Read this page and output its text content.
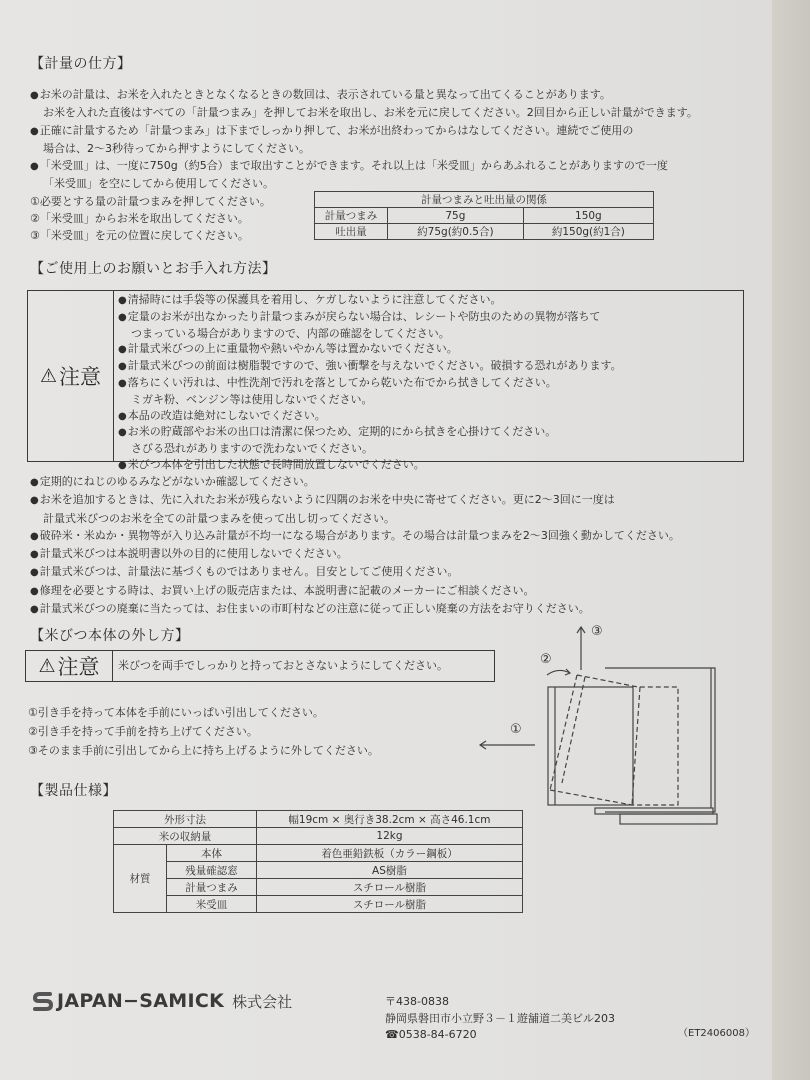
【計量の仕方】
● お米の計量は、お米を入れたときとなくなるときの数回は、表示されている量と異なって出てくることがあります。
お米を入れた直後はすべての「計量つまみ」を押してお米を取出し、お米を元に戻してください。2回目から正しい計量ができます。
● 正確に計量するため「計量つまみ」は下までしっかり押して、お米が出終わってからはなしてください。連続でご使用の
場合は、2～3秒待ってから押すようにしてください。
● 「米受皿」は、一度に750g（約5合）まで取出すことができます。それ以上は「米受皿」からあふれることがありますので一度
「米受皿」を空にしてから使用してください。
①必要とする量の計量つまみを押してください。
②「米受皿」からお米を取出してください。
③「米受皿」を元の位置に戻してください。
計量つまみと吐出量の関係		
計量つまみ	75g	150g
吐出量	約75g(約0.5合)	約150g(約1合)
【ご使用上のお願いとお手入れ方法】
⚠ 注意
● 清掃時には手袋等の保護具を着用し、ケガしないように注意してください。
● 定量のお米が出なかったり計量つまみが戻らない場合は、レシートや防虫のための異物が落ちて
つまっている場合がありますので、内部の確認をしてください。
● 計量式米びつの上に重量物や熱いやかん等は置かないでください。
● 計量式米びつの前面は樹脂製ですので、強い衝撃を与えないでください。破損する恐れがあります。
● 落ちにくい汚れは、中性洗剤で汚れを落としてから乾いた布でから拭きしてください。
ミガキ粉、ベンジン等は使用しないでください。
● 本品の改造は絶対にしないでください。
● お米の貯蔵部やお米の出口は清潔に保つため、定期的にから拭きを心掛けてください。
さびる恐れがありますので洗わないでください。
● 米びつ本体を引出した状態で長時間放置しないでください。
● 定期的にねじのゆるみなどがないか確認してください。
● お米を追加するときは、先に入れたお米が残らないように四隅のお米を中央に寄せてください。更に2～3回に一度は
計量式米びつのお米を全ての計量つまみを使って出し切ってください。
● 破砕米・米ぬか・異物等が入り込み計量が不均一になる場合があります。その場合は計量つまみを2～3回強く動かしてください。
● 計量式米びつは本説明書以外の目的に使用しないでください。
● 計量式米びつは、計量法に基づくものではありません。目安としてご使用ください。
● 修理を必要とする時は、お買い上げの販売店または、本説明書に記載のメーカーにご相談ください。
● 計量式米びつの廃棄に当たっては、お住まいの市町村などの注意に従って正しい廃棄の方法をお守りください。
【米びつ本体の外し方】
⚠ 注意 米びつを両手でしっかりと持っておとさないようにしてください。
①引き手を持って本体を手前にいっぱい引出してください。
②引き手を持って手前を持ち上げてください。
③そのまま手前に引出してから上に持ち上げるように外してください。
①
②
③
【製品仕様】
外形寸法		幅19cm × 奥行き38.2cm × 高さ46.1cm
米の収納量		12kg
材質	本体	着色亜鉛鉄板（カラー鋼板）
	残量確認窓	AS樹脂
	計量つまみ	スチロール樹脂
	米受皿	スチロール樹脂
JAPAN−SAMICK 株式会社	〒438-0838
静岡県磐田市小立野３－１遊舗道二美ビル203
☎0538-84-6720	（ET2406008）
